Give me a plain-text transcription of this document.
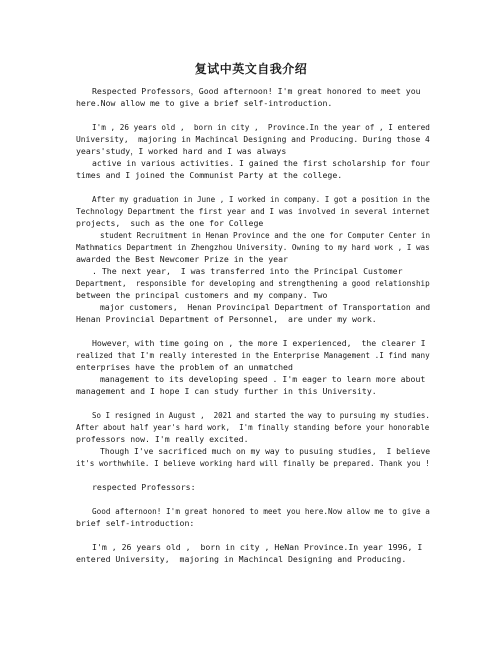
复试中英文自我介绍
Respected Professors，Good afternoon! I'm great honored to meet you
here.Now allow me to give a brief self-introduction.
I'm , 26 years old ,  born in city ,  Province.In the year of , I entered
University,  majoring in Machincal Designing and Producing. During those 4
years'study，I worked hard and I was always
active in various activities. I gained the first scholarship for four
times and I joined the Communist Party at the college.
After my graduation in June , I worked in company. I got a position in the
Technology Department the first year and I was involved in several internet
projects,  such as the one for College
student Recruitment in Henan Province and the one for Computer Center in
Mathmatics Department in Zhengzhou University. Owning to my hard work , I was
awarded the Best Newcomer Prize in the year
. The next year,  I was transferred into the Principal Customer
Department,  responsible for developing and strengthening a good relationship
between the principal customers and my company. Two
major customers,  Henan Provincipal Department of Transportation and
Henan Provincial Department of Personnel,  are under my work.
However，with time going on , the more I experienced,  the clearer I
realized that I'm really interested in the Enterprise Management .I find many
enterprises have the problem of an unmatched
management to its developing speed . I'm eager to learn more about
management and I hope I can study further in this University.
So I resigned in August ,  2021 and started the way to pursuing my studies.
After about half year's hard work,  I'm finally standing before your honorable
professors now. I'm really excited.
Though I've sacrificed much on my way to pusuing studies,  I believe
it's worthwhile. I believe working hard will finally be prepared. Thank you !
respected Professors:
Good afternoon! I'm great honored to meet you here.Now allow me to give a
brief self-introduction:
I'm , 26 years old ,  born in city , HeNan Province.In year 1996, I
entered University,  majoring in Machincal Designing and Producing.
